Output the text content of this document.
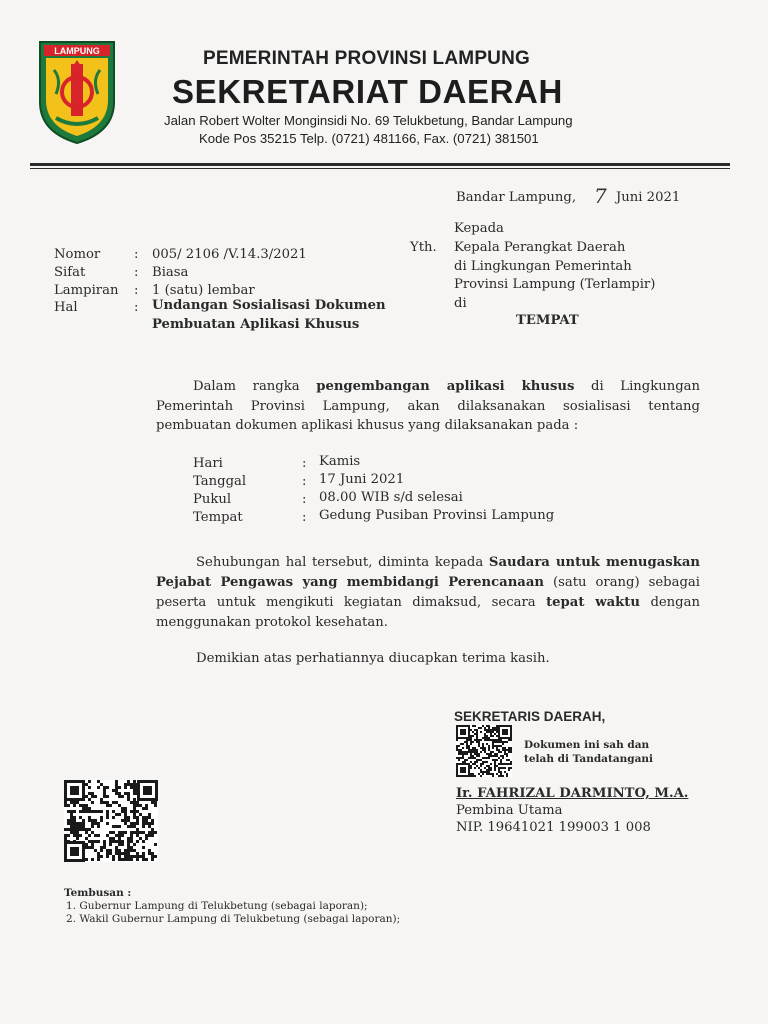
LAMPUNG	PEMERINTAH PROVINSI LAMPUNG
SEKRETARIAT DAERAH
Jalan Robert Wolter Monginsidi No. 69 Telukbetung, Bandar Lampung
Kode Pos 35215 Telp. (0721) 481166, Fax. (0721) 381501
Bandar Lampung, 7 Juni 2021
Kepada
Yth. Kepala Perangkat Daerah
di Lingkungan Pemerintah
Provinsi Lampung (Terlampir)
di
TEMPAT
Nomor	: 005/ 2106 /V.14.3/2021
Sifat	: Biasa
Lampiran : 1 (satu) lembar
Hal	: Undangan Sosialisasi Dokumen
Pembuatan Aplikasi Khusus
Dalam rangka pengembangan aplikasi khusus di Lingkungan
Pemerintah Provinsi Lampung, akan dilaksanakan sosialisasi tentang
pembuatan dokumen aplikasi khusus yang dilaksanakan pada :
Hari	: Kamis
Tanggal	: 17 Juni 2021
Pukul	: 08.00 WIB s/d selesai
Tempat	: Gedung Pusiban Provinsi Lampung
Sehubungan hal tersebut, diminta kepada Saudara untuk menugaskan
Pejabat Pengawas yang membidangi Perencanaan (satu orang) sebagai
peserta untuk mengikuti kegiatan dimaksud, secara tepat waktu dengan
menggunakan protokol kesehatan.
Demikian atas perhatiannya diucapkan terima kasih.
SEKRETARIS DAERAH,
Dokumen ini sah dan
telah di Tandatangani
Ir. FAHRIZAL DARMINTO, M.A.
Pembina Utama
NIP. 19641021 199003 1 008
Tembusan :
1. Gubernur Lampung di Telukbetung (sebagai laporan);
2. Wakil Gubernur Lampung di Telukbetung (sebagai laporan);
